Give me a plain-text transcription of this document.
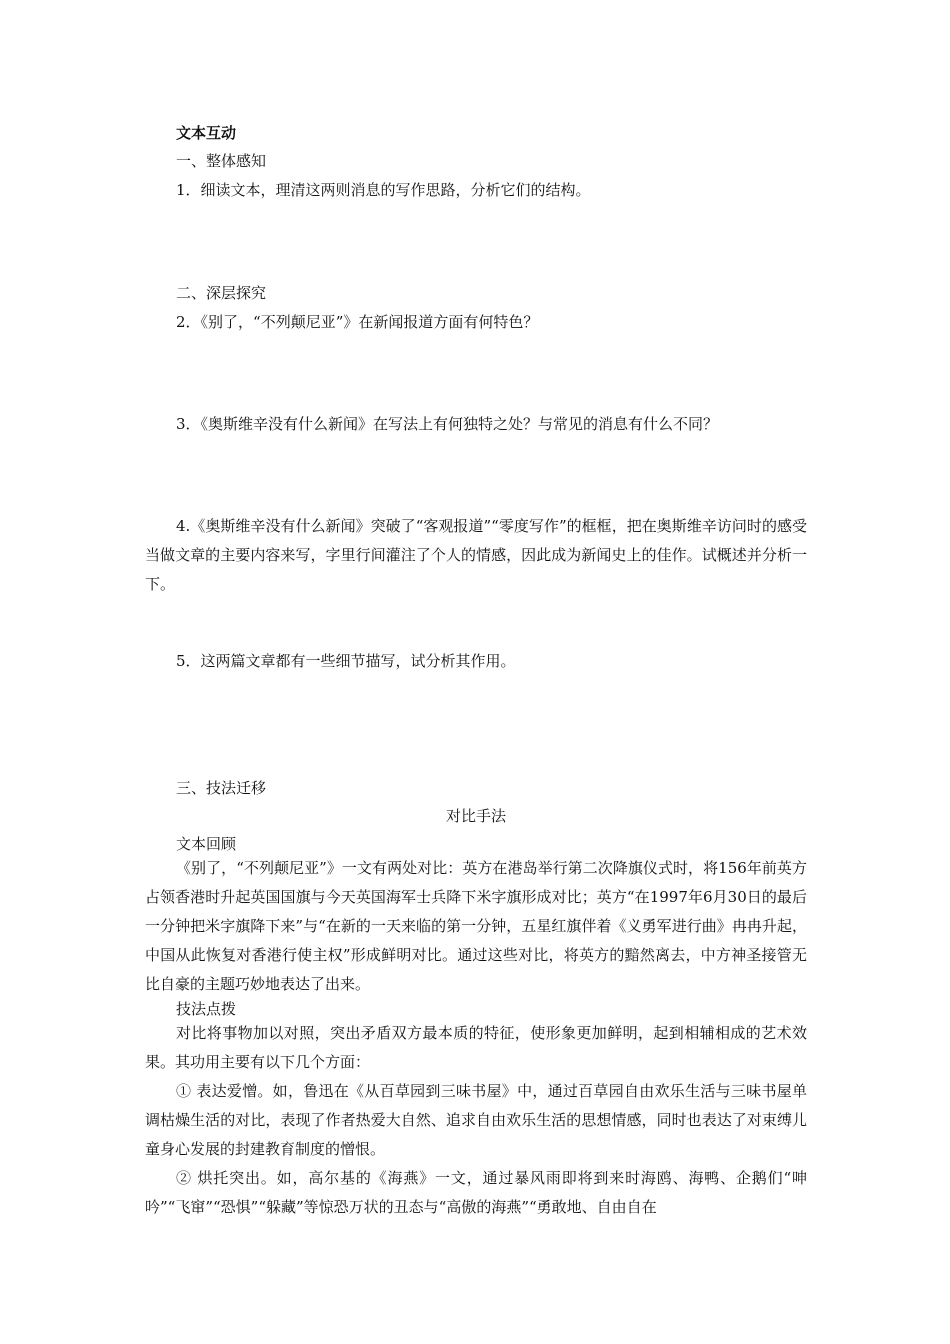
文本互动
一、整体感知
1．细读文本，理清这两则消息的写作思路，分析它们的结构。
二、深层探究
2．《别了，“不列颠尼亚”》在新闻报道方面有何特色？
3．《奥斯维辛没有什么新闻》在写法上有何独特之处？与常见的消息有什么不同？

4.《奥斯维辛没有什么新闻》突破了“客观报道”“零度写作”的框框，把在奥斯维辛访问时的感受当做文章的主要内容来写，字里行间灌注了个人的情感，因此成为新闻史上的佳作。试概述并分析一下。

5．这两篇文章都有一些细节描写，试分析其作用。
三、技法迁移
对比手法
文本回顾

《别了，“不列颠尼亚”》一文有两处对比：英方在港岛举行第二次降旗仪式时，将156年前英方占领香港时升起英国国旗与今天英国海军士兵降下米字旗形成对比；英方“在1997年6月30日的最后一分钟把米字旗降下来”与“在新的一天来临的第一分钟，五星红旗伴着《义勇军进行曲》冉冉升起，中国从此恢复对香港行使主权”形成鲜明对比。通过这些对比，将英方的黯然离去，中方神圣接管无比自豪的主题巧妙地表达了出来。

技法点拨

对比将事物加以对照，突出矛盾双方最本质的特征，使形象更加鲜明，起到相辅相成的艺术效果。其功用主要有以下几个方面：

① 表达爱憎。如，鲁迅在《从百草园到三味书屋》中，通过百草园自由欢乐生活与三味书屋单调枯燥生活的对比，表现了作者热爱大自然、追求自由欢乐生活的思想情感，同时也表达了对束缚儿童身心发展的封建教育制度的憎恨。

② 烘托突出。如，高尔基的《海燕》一文，通过暴风雨即将到来时海鸥、海鸭、企鹅们“呻吟”“飞窜”“恐惧”“躲藏”等惊恐万状的丑态与“高傲的海燕”“勇敢地、自由自在
